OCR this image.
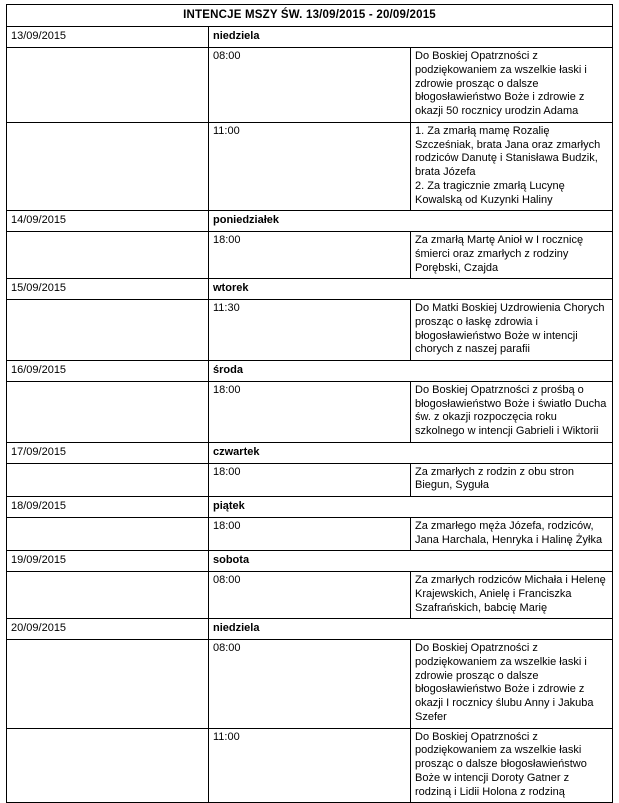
INTENCJE MSZY ŚW. 13/09/2015 - 20/09/2015		
13/09/2015	niedziela	
	08:00	Do Boskiej Opatrzności z podziękowaniem za wszelkie łaski i zdrowie prosząc o dalsze błogosławieństwo Boże i zdrowie z okazji 50 rocznicy urodzin Adama
	11:00	1. Za zmarłą mamę Rozalię Szcześniak, brata Jana oraz zmarłych rodziców Danutę i Stanisława Budzik, brata Józefa
2. Za tragicznie zmarłą Lucynę Kowalską od Kuzynki Haliny
14/09/2015	poniedziałek	
	18:00	Za zmarłą Martę Anioł w I rocznicę śmierci oraz zmarłych z rodziny Porębski, Czajda
15/09/2015	wtorek	
	11:30	Do Matki Boskiej Uzdrowienia Chorych prosząc o łaskę zdrowia i błogosławieństwo Boże w intencji chorych z naszej parafii
16/09/2015	środa	
	18:00	Do Boskiej Opatrzności z prośbą o błogosławieństwo Boże i światło Ducha św. z okazji rozpoczęcia roku szkolnego w intencji Gabrieli i Wiktorii
17/09/2015	czwartek	
	18:00	Za zmarłych z rodzin z obu stron Biegun, Syguła
18/09/2015	piątek	
	18:00	Za zmarłego męża Józefa, rodziców, Jana Harchala, Henryka i Halinę Żyłka
19/09/2015	sobota	
	08:00	Za zmarłych rodziców Michała i Helenę Krajewskich, Anielę i Franciszka Szafrańskich, babcię Marię
20/09/2015	niedziela	
	08:00	Do Boskiej Opatrzności z podziękowaniem za wszelkie łaski i zdrowie prosząc o dalsze błogosławieństwo Boże i zdrowie z okazji I rocznicy ślubu Anny i Jakuba Szefer
	11:00	Do Boskiej Opatrzności z podziękowaniem za wszelkie łaski prosząc o dalsze błogosławieństwo Boże w intencji Doroty Gatner z rodziną i Lidii Holona z rodziną
